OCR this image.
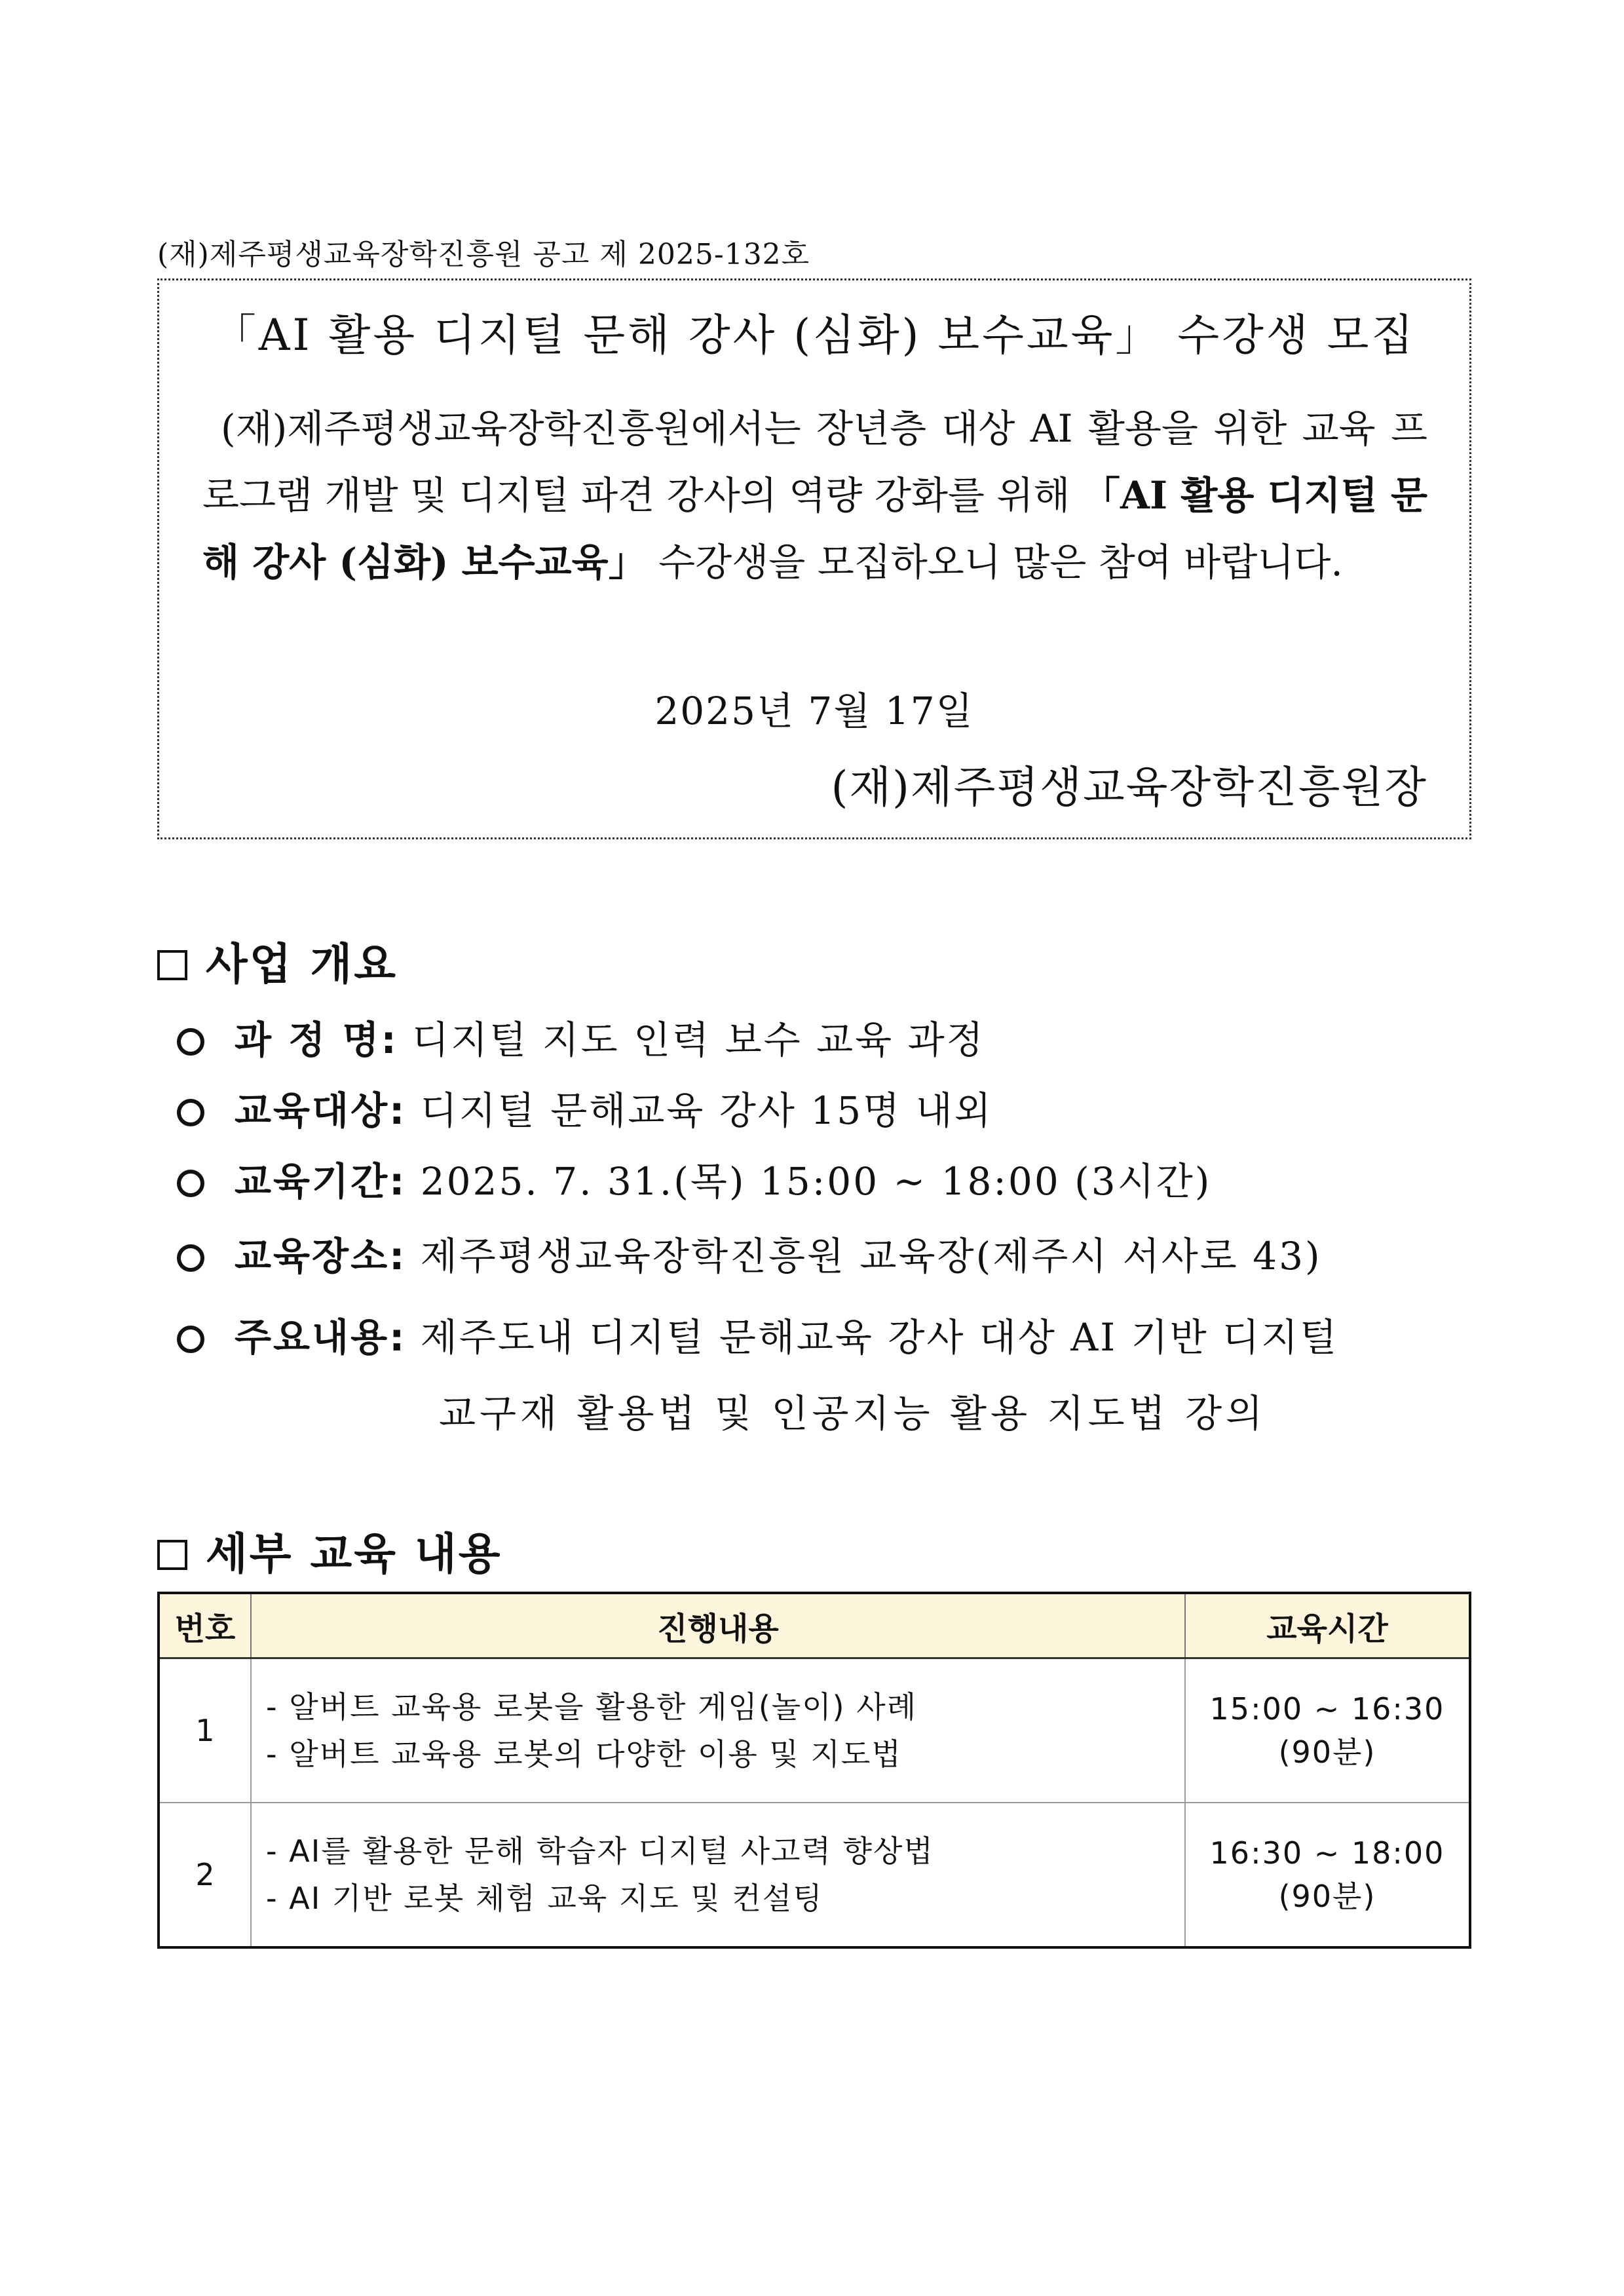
(재)제주평생교육장학진흥원 공고 제 2025-132호
「AI 활용 디지털 문해 강사 (심화) 보수교육」 수강생 모집
(재)제주평생교육장학진흥원에서는 장년층 대상 AI 활용을 위한 교육 프로그램 개발 및 디지털 파견 강사의 역량 강화를 위해 「AI 활용 디지털 문해 강사 (심화) 보수교육」 수강생을 모집하오니 많은 참여 바랍니다.
2025년 7월 17일
(재)제주평생교육장학진흥원장
사업 개요
과 정 명: 디지털 지도 인력 보수 교육 과정
교육대상: 디지털 문해교육 강사 15명 내외
교육기간: 2025. 7. 31.(목) 15:00 ~ 18:00 (3시간)
교육장소: 제주평생교육장학진흥원 교육장(제주시 서사로 43)
주요내용: 제주도내 디지털 문해교육 강사 대상 AI 기반 디지털
교구재 활용법 및 인공지능 활용 지도법 강의
세부 교육 내용
번호	진행내용	교육시간
1	- 알버트 교육용 로봇을 활용한 게임(놀이) 사례
- 알버트 교육용 로봇의 다양한 이용 및 지도법	15:00 ~ 16:30
(90분)

2	- AI를 활용한 문해 학습자 디지털 사고력 향상법
- AI 기반 로봇 체험 교육 지도 및 컨설팅	16:30 ~ 18:00
(90분)
